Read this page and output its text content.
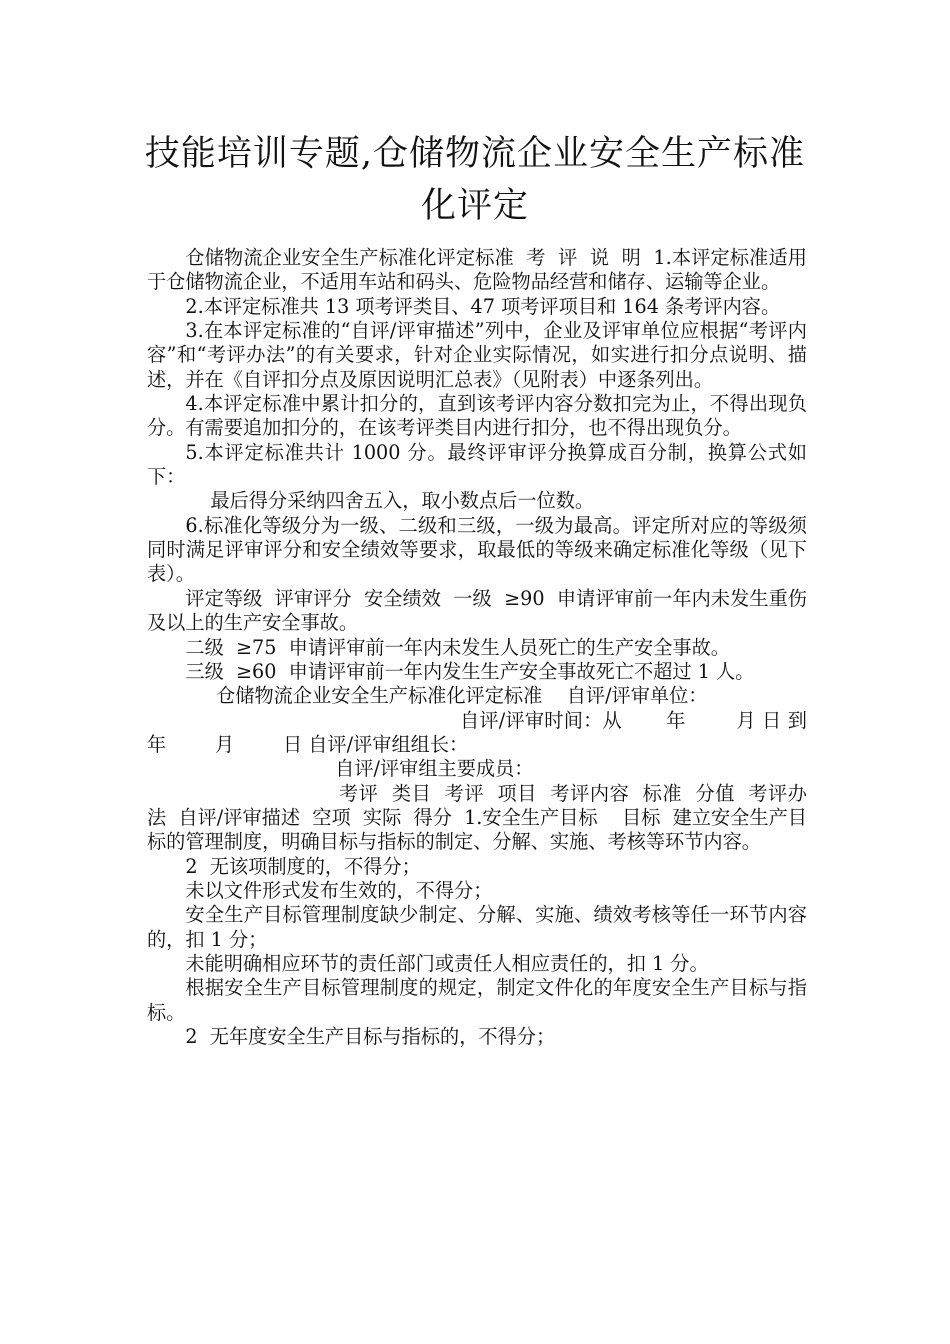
技能培训专题,仓储物流企业安全生产标准化评定

仓储物流企业安全生产标准化评定标准  考  评  说  明  1.本评定标准适用于仓储物流企业，不适用车站和码头、危险物品经营和储存、运输等企业。

2.本评定标准共 13 项考评类目、47 项考评项目和 164 条考评内容。

3.在本评定标准的“自评/评审描述”列中，企业及评审单位应根据“考评内容”和“考评办法”的有关要求，针对企业实际情况，如实进行扣分点说明、描述，并在《自评扣分点及原因说明汇总表》（见附表）中逐条列出。

4.本评定标准中累计扣分的，直到该考评内容分数扣完为止，不得出现负分。有需要追加扣分的，在该考评类目内进行扣分，也不得出现负分。

5.本评定标准共计 1000 分。最终评审评分换算成百分制，换算公式如下：

最后得分采纳四舍五入，取小数点后一位数。

6.标准化等级分为一级、二级和三级，一级为最高。评定所对应的等级须同时满足评审评分和安全绩效等要求，取最低的等级来确定标准化等级（见下表）。

评定等级  评审评分  安全绩效  一级  ≥90  申请评审前一年内未发生重伤及以上的生产安全事故。

二级  ≥75  申请评审前一年内未发生人员死亡的生产安全事故。

三级  ≥60  申请评审前一年内发生生产安全事故死亡不超过 1 人。

仓储物流企业安全生产标准化评定标准    自评/评审单位：

自评/评审时间：从       年        月 日 到       年        月        日 自评/评审组组长：

自评/评审组主要成员：

考评  类目  考评  项目  考评内容  标准  分值  考评办法  自评/评审描述  空项  实际  得分  1.安全生产目标    目标  建立安全生产目标的管理制度，明确目标与指标的制定、分解、实施、考核等环节内容。

2  无该项制度的，不得分；

未以文件形式发布生效的，不得分；

安全生产目标管理制度缺少制定、分解、实施、绩效考核等任一环节内容的，扣 1 分；

未能明确相应环节的责任部门或责任人相应责任的，扣 1 分。

根据安全生产目标管理制度的规定，制定文件化的年度安全生产目标与指标。

2  无年度安全生产目标与指标的，不得分；
